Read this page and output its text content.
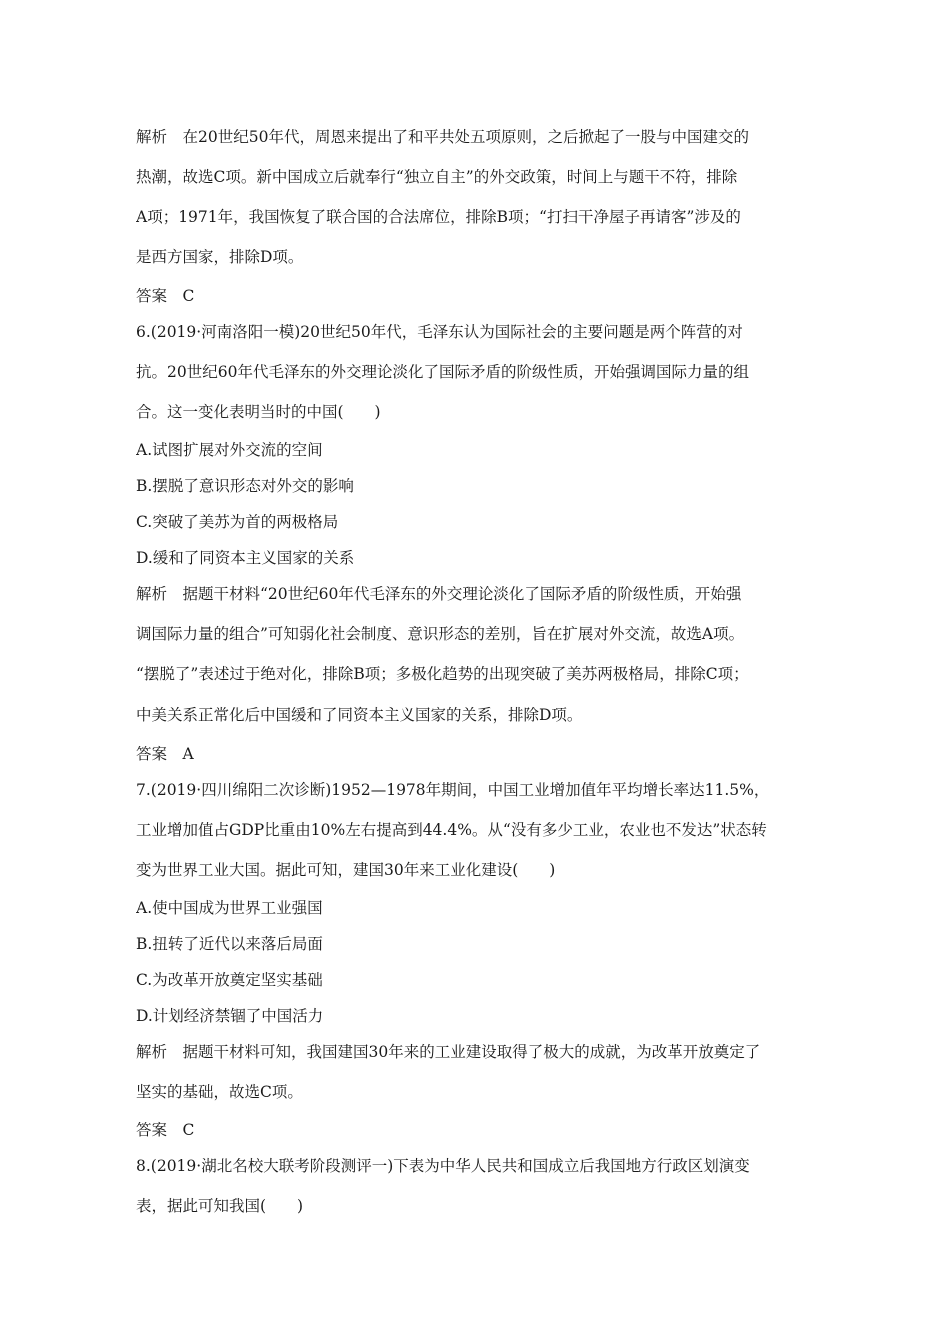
解析　在20世纪50年代，周恩来提出了和平共处五项原则，之后掀起了一股与中国建交的
热潮，故选C项。新中国成立后就奉行“独立自主”的外交政策，时间上与题干不符，排除
A项；1971年，我国恢复了联合国的合法席位，排除B项；“打扫干净屋子再请客”涉及的
是西方国家，排除D项。
答案　C
6.(2019·河南洛阳一模)20世纪50年代，毛泽东认为国际社会的主要问题是两个阵营的对
抗。20世纪60年代毛泽东的外交理论淡化了国际矛盾的阶级性质，开始强调国际力量的组
合。这一变化表明当时的中国(　　)
A.试图扩展对外交流的空间
B.摆脱了意识形态对外交的影响
C.突破了美苏为首的两极格局
D.缓和了同资本主义国家的关系
解析　据题干材料“20世纪60年代毛泽东的外交理论淡化了国际矛盾的阶级性质，开始强
调国际力量的组合”可知弱化社会制度、意识形态的差别，旨在扩展对外交流，故选A项。
“摆脱了”表述过于绝对化，排除B项；多极化趋势的出现突破了美苏两极格局，排除C项；
中美关系正常化后中国缓和了同资本主义国家的关系，排除D项。
答案　A
7.(2019·四川绵阳二次诊断)1952—1978年期间，中国工业增加值年平均增长率达11.5%，
工业增加值占GDP比重由10%左右提高到44.4%。从“没有多少工业，农业也不发达”状态转
变为世界工业大国。据此可知，建国30年来工业化建设(　　)
A.使中国成为世界工业强国
B.扭转了近代以来落后局面
C.为改革开放奠定坚实基础
D.计划经济禁锢了中国活力
解析　据题干材料可知，我国建国30年来的工业建设取得了极大的成就，为改革开放奠定了
坚实的基础，故选C项。
答案　C
8.(2019·湖北名校大联考阶段测评一)下表为中华人民共和国成立后我国地方行政区划演变
表，据此可知我国(　　)
